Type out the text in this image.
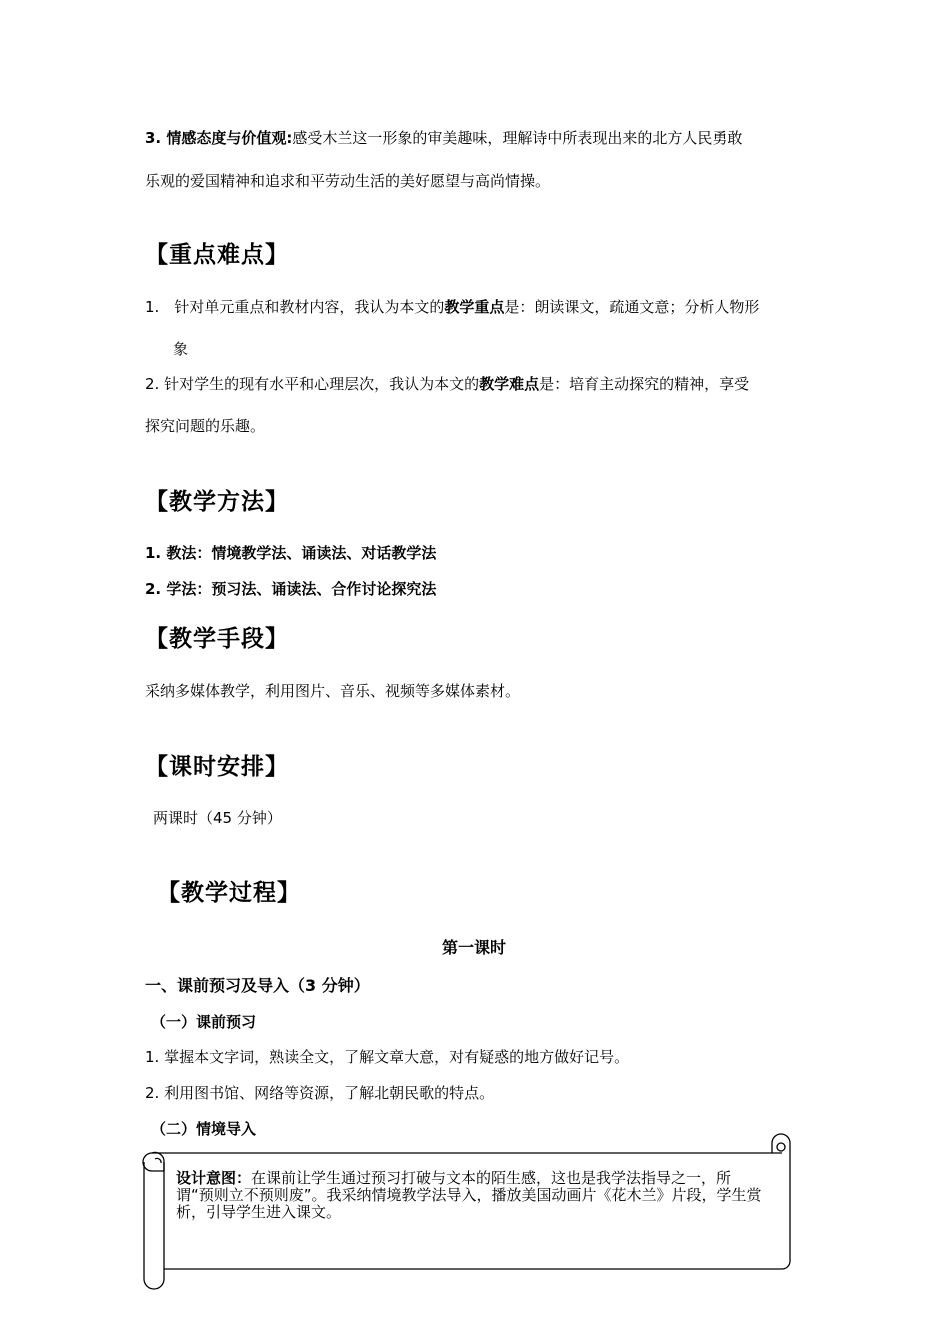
3. 情感态度与价值观:感受木兰这一形象的审美趣味，理解诗中所表现出来的北方人民勇敢
乐观的爱国精神和追求和平劳动生活的美好愿望与高尚情操。
【重点难点】
1. 针对单元重点和教材内容，我认为本文的教学重点是：朗读课文，疏通文意；分析人物形
象
2. 针对学生的现有水平和心理层次，我认为本文的教学难点是：培育主动探究的精神，享受
探究问题的乐趣。
【教学方法】
1. 教法：情境教学法、诵读法、对话教学法
2. 学法：预习法、诵读法、合作讨论探究法
【教学手段】
采纳多媒体教学，利用图片、音乐、视频等多媒体素材。
【课时安排】
两课时（45 分钟）
【教学过程】
第一课时
一、课前预习及导入（3 分钟）
（一）课前预习
1. 掌握本文字词，熟读全文，了解文章大意，对有疑惑的地方做好记号。
2. 利用图书馆、网络等资源，了解北朝民歌的特点。
（二）情境导入
设计意图：在课前让学生通过预习打破与文本的陌生感，这也是我学法指导之一，所谓“预则立不预则废”。我采纳情境教学法导入，播放美国动画片《花木兰》片段，学生赏析，引导学生进入课文。
